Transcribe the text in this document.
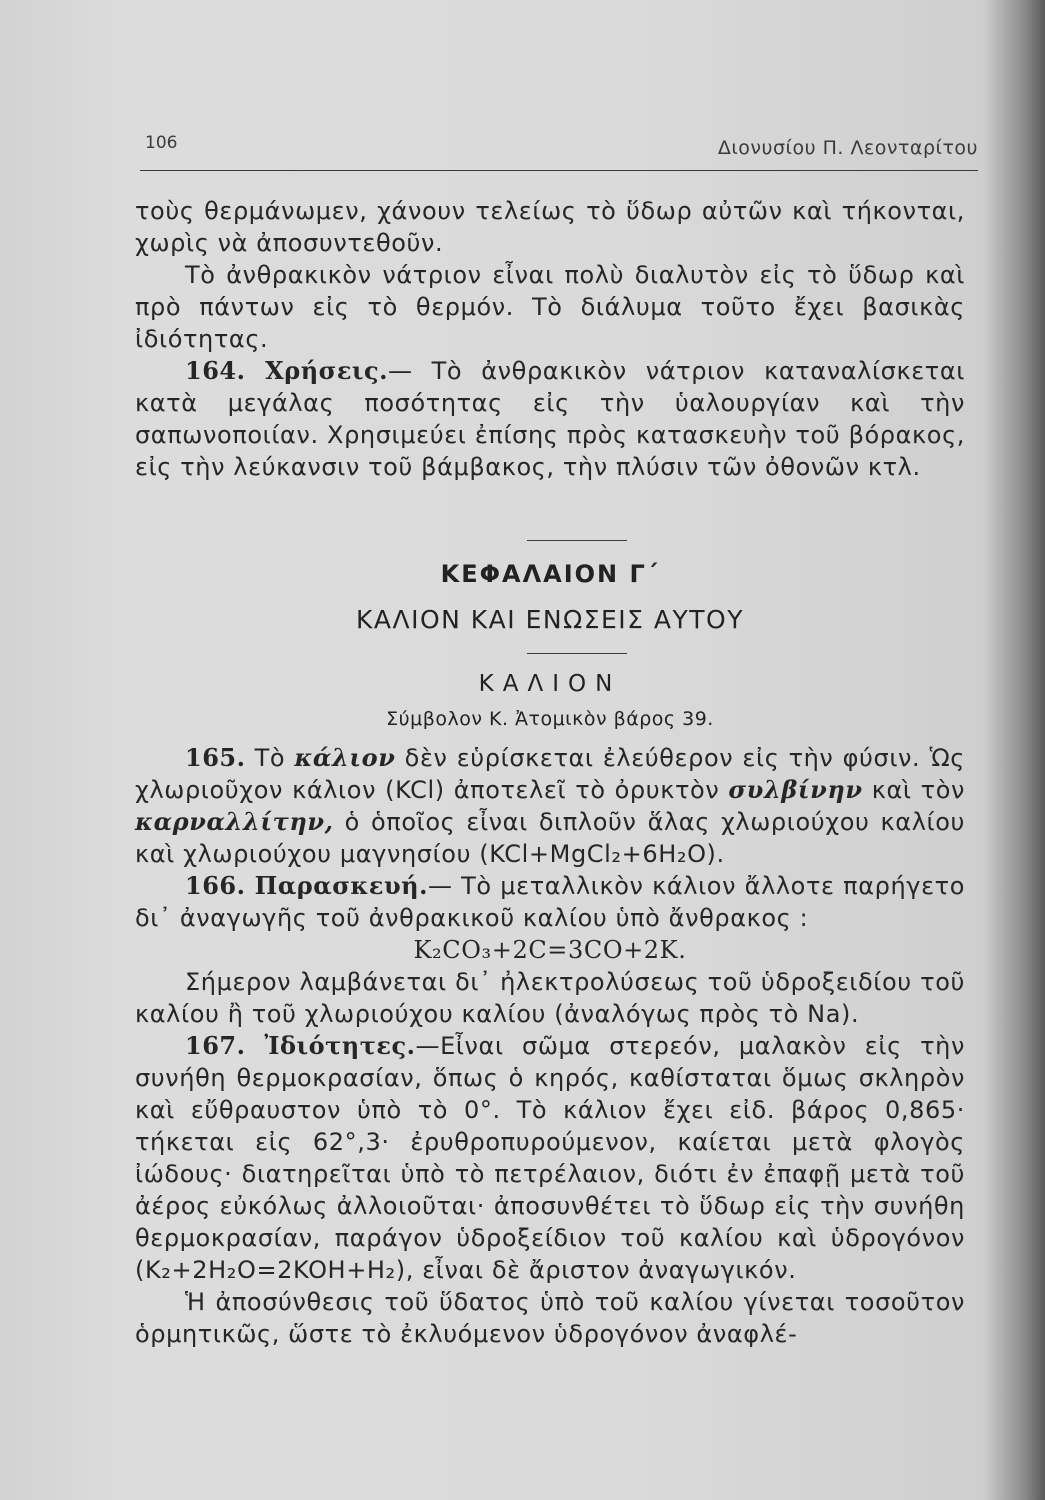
106	Διονυσίου Π. Λεονταρίτου

τοὺς θερμάνωμεν, χάνουν τελείως τὸ ὕδωρ αὐτῶν καὶ τήκονται, χωρὶς νὰ ἀποσυντεθοῦν.

Τὸ ἀνθρακικὸν νάτριον εἶναι πολὺ διαλυτὸν εἰς τὸ ὕδωρ καὶ πρὸ πάντων εἰς τὸ θερμόν. Τὸ διάλυμα τοῦτο ἔχει βασικὰς ἰδιότητας.

164. Χρήσεις.— Τὸ ἀνθρακικὸν νάτριον καταναλίσκεται κατὰ μεγάλας ποσότητας εἰς τὴν ὑαλουργίαν καὶ τὴν σαπωνοποιίαν. Χρησιμεύει ἐπίσης πρὸς κατασκευὴν τοῦ βόρακος, εἰς τὴν λεύκανσιν τοῦ βάμβακος, τὴν πλύσιν τῶν ὀθονῶν κτλ.

ΚΕΦΑΛΑΙΟΝ Γ΄
ΚΑΛΙΟΝ ΚΑΙ ΕΝΩΣΕΙΣ ΑΥΤΟΥ
ΚΑΛΙΟΝ
Σύμβολον Κ. Ἀτομικὸν βάρος 39.

165. Τὸ κάλιον δὲν εὑρίσκεται ἐλεύθερον εἰς τὴν φύσιν. Ὡς χλωριοῦχον κάλιον (KCl) ἀποτελεῖ τὸ ὀρυκτὸν συλβίνην καὶ τὸν καρναλλίτην, ὁ ὁποῖος εἶναι διπλοῦν ἅλας χλωριούχου καλίου καὶ χλωριούχου μαγνησίου (KCl+MgCl₂+6H₂O).

166. Παρασκευή.— Τὸ μεταλλικὸν κάλιον ἄλλοτε παρήγετο δι᾽ ἀναγωγῆς τοῦ ἀνθρακικοῦ καλίου ὑπὸ ἄνθρακος :

K₂CO₃+2C=3CO+2K.

Σήμερον λαμβάνεται δι᾽ ἠλεκτρολύσεως τοῦ ὑδροξειδίου τοῦ καλίου ἢ τοῦ χλωριούχου καλίου (ἀναλόγως πρὸς τὸ Na).

167. Ἰδιότητες.—Εἶναι σῶμα στερεόν, μαλακὸν εἰς τὴν συνήθη θερμοκρασίαν, ὅπως ὁ κηρός, καθίσταται ὅμως σκληρὸν καὶ εὔθραυστον ὑπὸ τὸ 0°. Τὸ κάλιον ἔχει εἰδ. βάρος 0,865· τήκεται εἰς 62°,3· ἐρυθροπυρούμενον, καίεται μετὰ φλογὸς ἰώδους· διατηρεῖται ὑπὸ τὸ πετρέλαιον, διότι ἐν ἐπαφῇ μετὰ τοῦ ἀέρος εὐκόλως ἀλλοιοῦται· ἀποσυνθέτει τὸ ὕδωρ εἰς τὴν συνήθη θερμοκρασίαν, παράγον ὑδροξείδιον τοῦ καλίου καὶ ὑδρογόνον (K₂+2H₂O=2KOH+H₂), εἶναι δὲ ἄριστον ἀναγωγικόν.

Ἡ ἀποσύνθεσις τοῦ ὕδατος ὑπὸ τοῦ καλίου γίνεται τοσοῦτον ὁρμητικῶς, ὥστε τὸ ἐκλυόμενον ὑδρογόνον ἀναφλέ-
